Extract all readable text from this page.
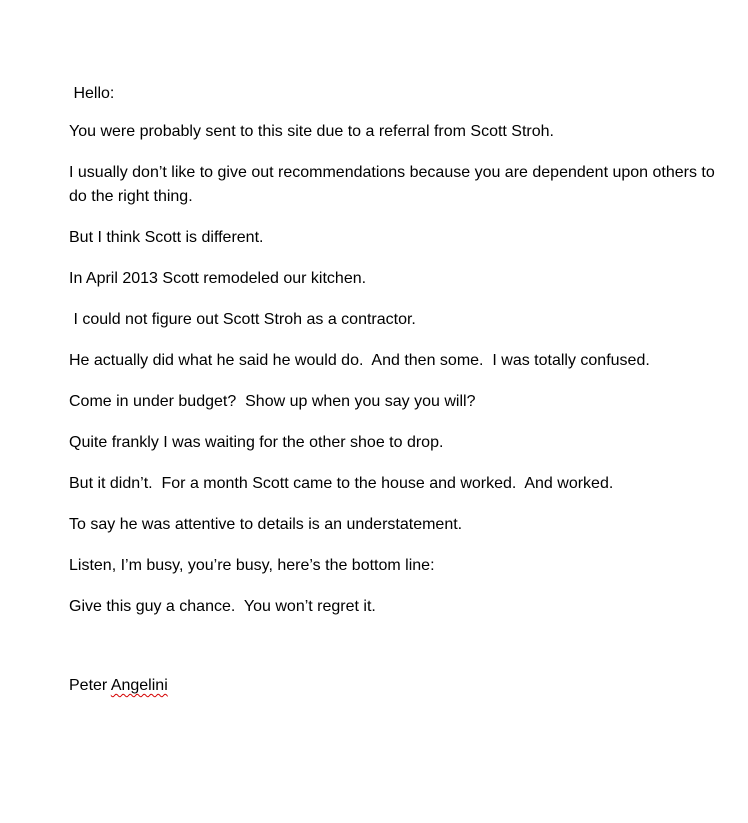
Hello:

You were probably sent to this site due to a referral from Scott Stroh.

I usually don’t like to give out recommendations because you are dependent upon others to do the right thing.

But I think Scott is different.

In April 2013 Scott remodeled our kitchen.

I could not figure out Scott Stroh as a contractor.

He actually did what he said he would do.  And then some.  I was totally confused.

Come in under budget?  Show up when you say you will?

Quite frankly I was waiting for the other shoe to drop.

But it didn’t.  For a month Scott came to the house and worked.  And worked.

To say he was attentive to details is an understatement.

Listen, I’m busy, you’re busy, here’s the bottom line:

Give this guy a chance.  You won’t regret it.

Peter Angelini
